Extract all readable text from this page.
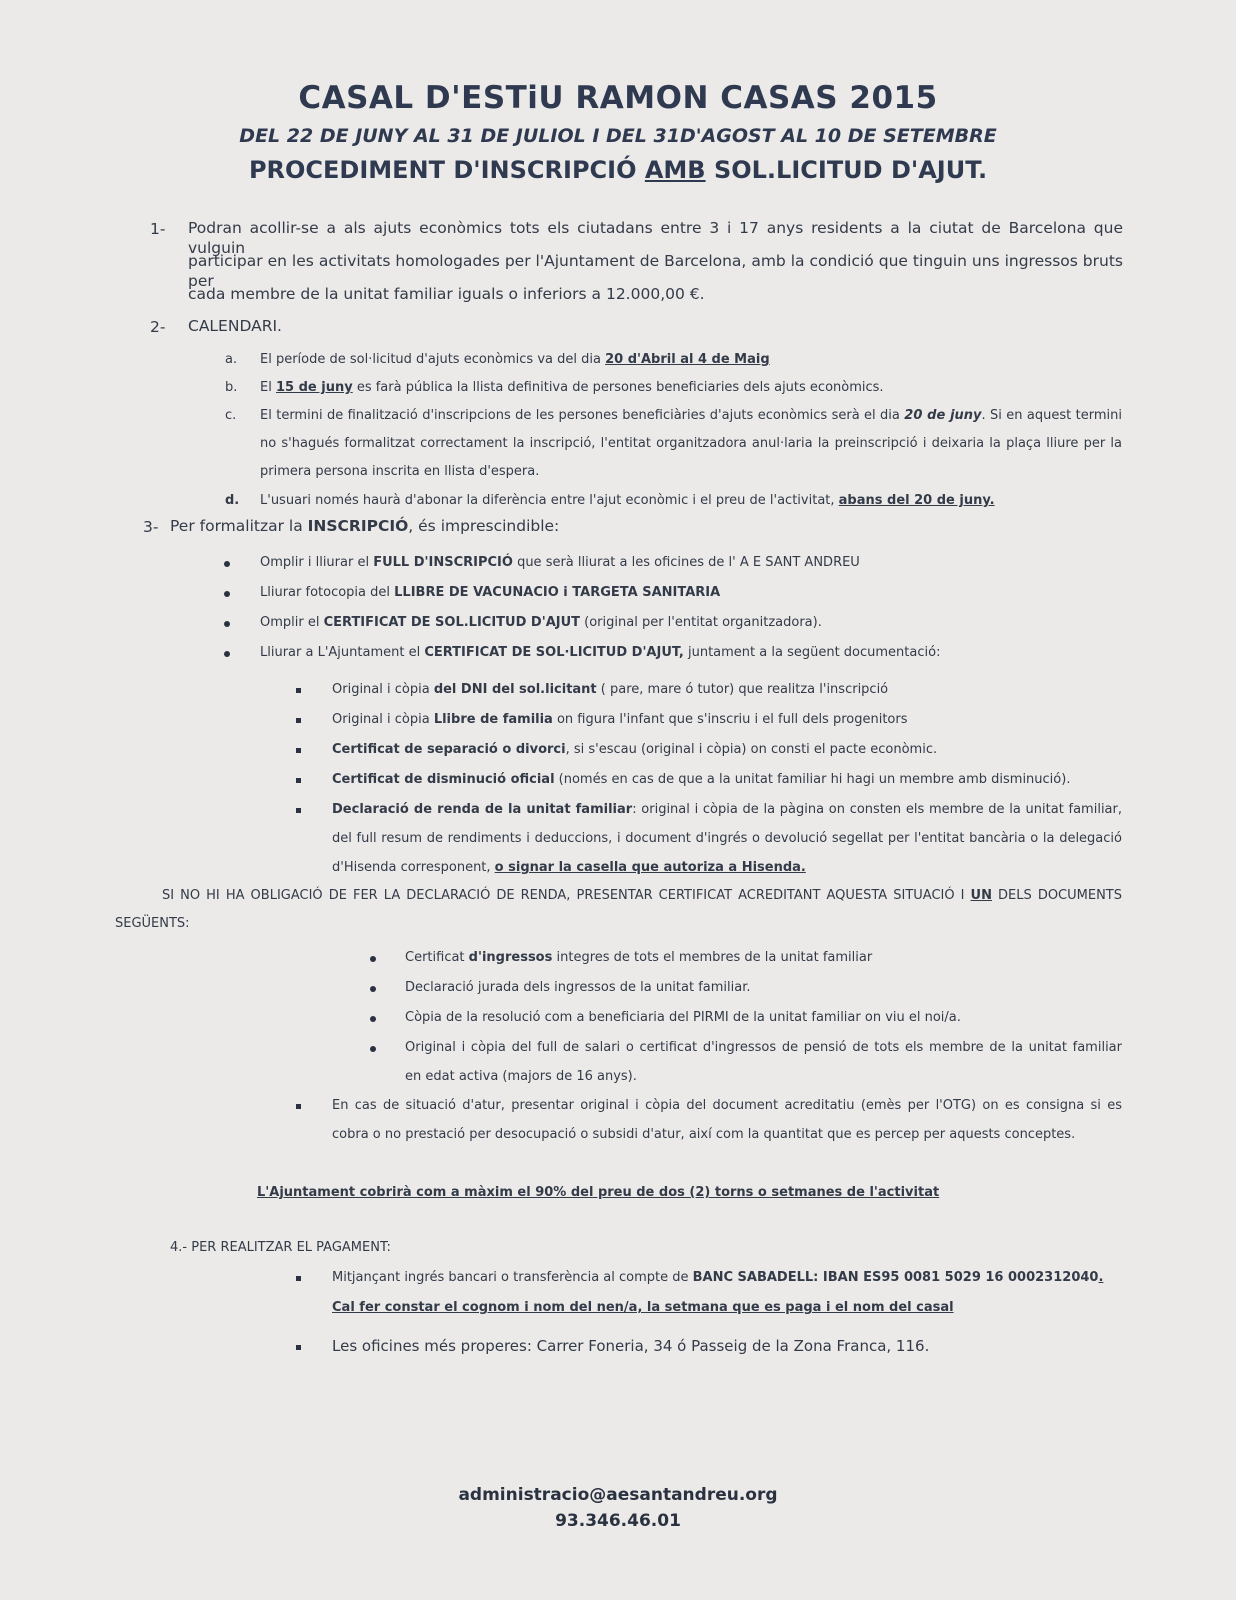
CASAL D'ESTiU RAMON CASAS 2015
DEL 22 DE JUNY AL 31 DE JULIOL I DEL 31D'AGOST AL 10 DE SETEMBRE
PROCEDIMENT D'INSCRIPCIÓ AMB SOL.LICITUD D'AJUT.
1- Podran acollir-se a als ajuts econòmics tots els ciutadans entre 3 i 17 anys residents a la ciutat de Barcelona que vulguin
participar en les activitats homologades per l'Ajuntament de Barcelona, amb la condició que tinguin uns ingressos bruts per
cada membre de la unitat familiar iguals o inferiors a 12.000,00 €.
2- CALENDARI.
a. El període de sol·licitud d'ajuts econòmics va del dia 20 d'Abril al 4 de Maig
b. El 15 de juny es farà pública la llista definitiva de persones beneficiaries dels ajuts econòmics.
c. El termini de finalització d'inscripcions de les persones beneficiàries d'ajuts econòmics serà el dia 20 de juny. Si en aquest termini
no s'hagués formalitzat correctament la inscripció, l'entitat organitzadora anul·laria la preinscripció i deixaria la plaça lliure per la
primera persona inscrita en llista d'espera.
d. L'usuari només haurà d'abonar la diferència entre l'ajut econòmic i el preu de l'activitat, abans del 20 de juny.
3- Per formalitzar la INSCRIPCIÓ, és imprescindible:
Omplir i lliurar el FULL D'INSCRIPCIÓ que serà lliurat a les oficines de l' A E SANT ANDREU
Lliurar fotocopia del LLIBRE DE VACUNACIO i TARGETA SANITARIA
Omplir el CERTIFICAT DE SOL.LICITUD D'AJUT (original per l'entitat organitzadora).
Lliurar a L'Ajuntament el CERTIFICAT DE SOL·LICITUD D'AJUT, juntament a la següent documentació:
Original i còpia del DNI del sol.licitant ( pare, mare ó tutor) que realitza l'inscripció
Original i còpia Llibre de familia on figura l'infant que s'inscriu i el full dels progenitors
Certificat de separació o divorci, si s'escau (original i còpia) on consti el pacte econòmic.
Certificat de disminució oficial (només en cas de que a la unitat familiar hi hagi un membre amb disminució).
Declaració de renda de la unitat familiar: original i còpia de la pàgina on consten els membre de la unitat familiar,
del full resum de rendiments i deduccions, i document d'ingrés o devolució segellat per l'entitat bancària o la delegació
d'Hisenda corresponent, o signar la casella que autoriza a Hisenda.
SI NO HI HA OBLIGACIÓ DE FER LA DECLARACIÓ DE RENDA, PRESENTAR CERTIFICAT ACREDITANT AQUESTA SITUACIÓ I UN DELS DOCUMENTS
SEGÜENTS:
Certificat d'ingressos integres de tots el membres de la unitat familiar
Declaració jurada dels ingressos de la unitat familiar.
Còpia de la resolució com a beneficiaria del PIRMI de la unitat familiar on viu el noi/a.
Original i còpia del full de salari o certificat d'ingressos de pensió de tots els membre de la unitat familiar
en edat activa (majors de 16 anys).
En cas de situació d'atur, presentar original i còpia del document acreditatiu (emès per l'OTG) on es consigna si es
cobra o no prestació per desocupació o subsidi d'atur, així com la quantitat que es percep per aquests conceptes.
L'Ajuntament cobrirà com a màxim el 90% del preu de dos (2) torns o setmanes de l'activitat
4.- PER REALITZAR EL PAGAMENT:
Mitjançant ingrés bancari o transferència al compte de BANC SABADELL: IBAN ES95 0081 5029 16 0002312040.
Cal fer constar el cognom i nom del nen/a, la setmana que es paga i el nom del casal
Les oficines més properes: Carrer Foneria, 34 ó Passeig de la Zona Franca, 116.
administracio@aesantandreu.org
93.346.46.01
